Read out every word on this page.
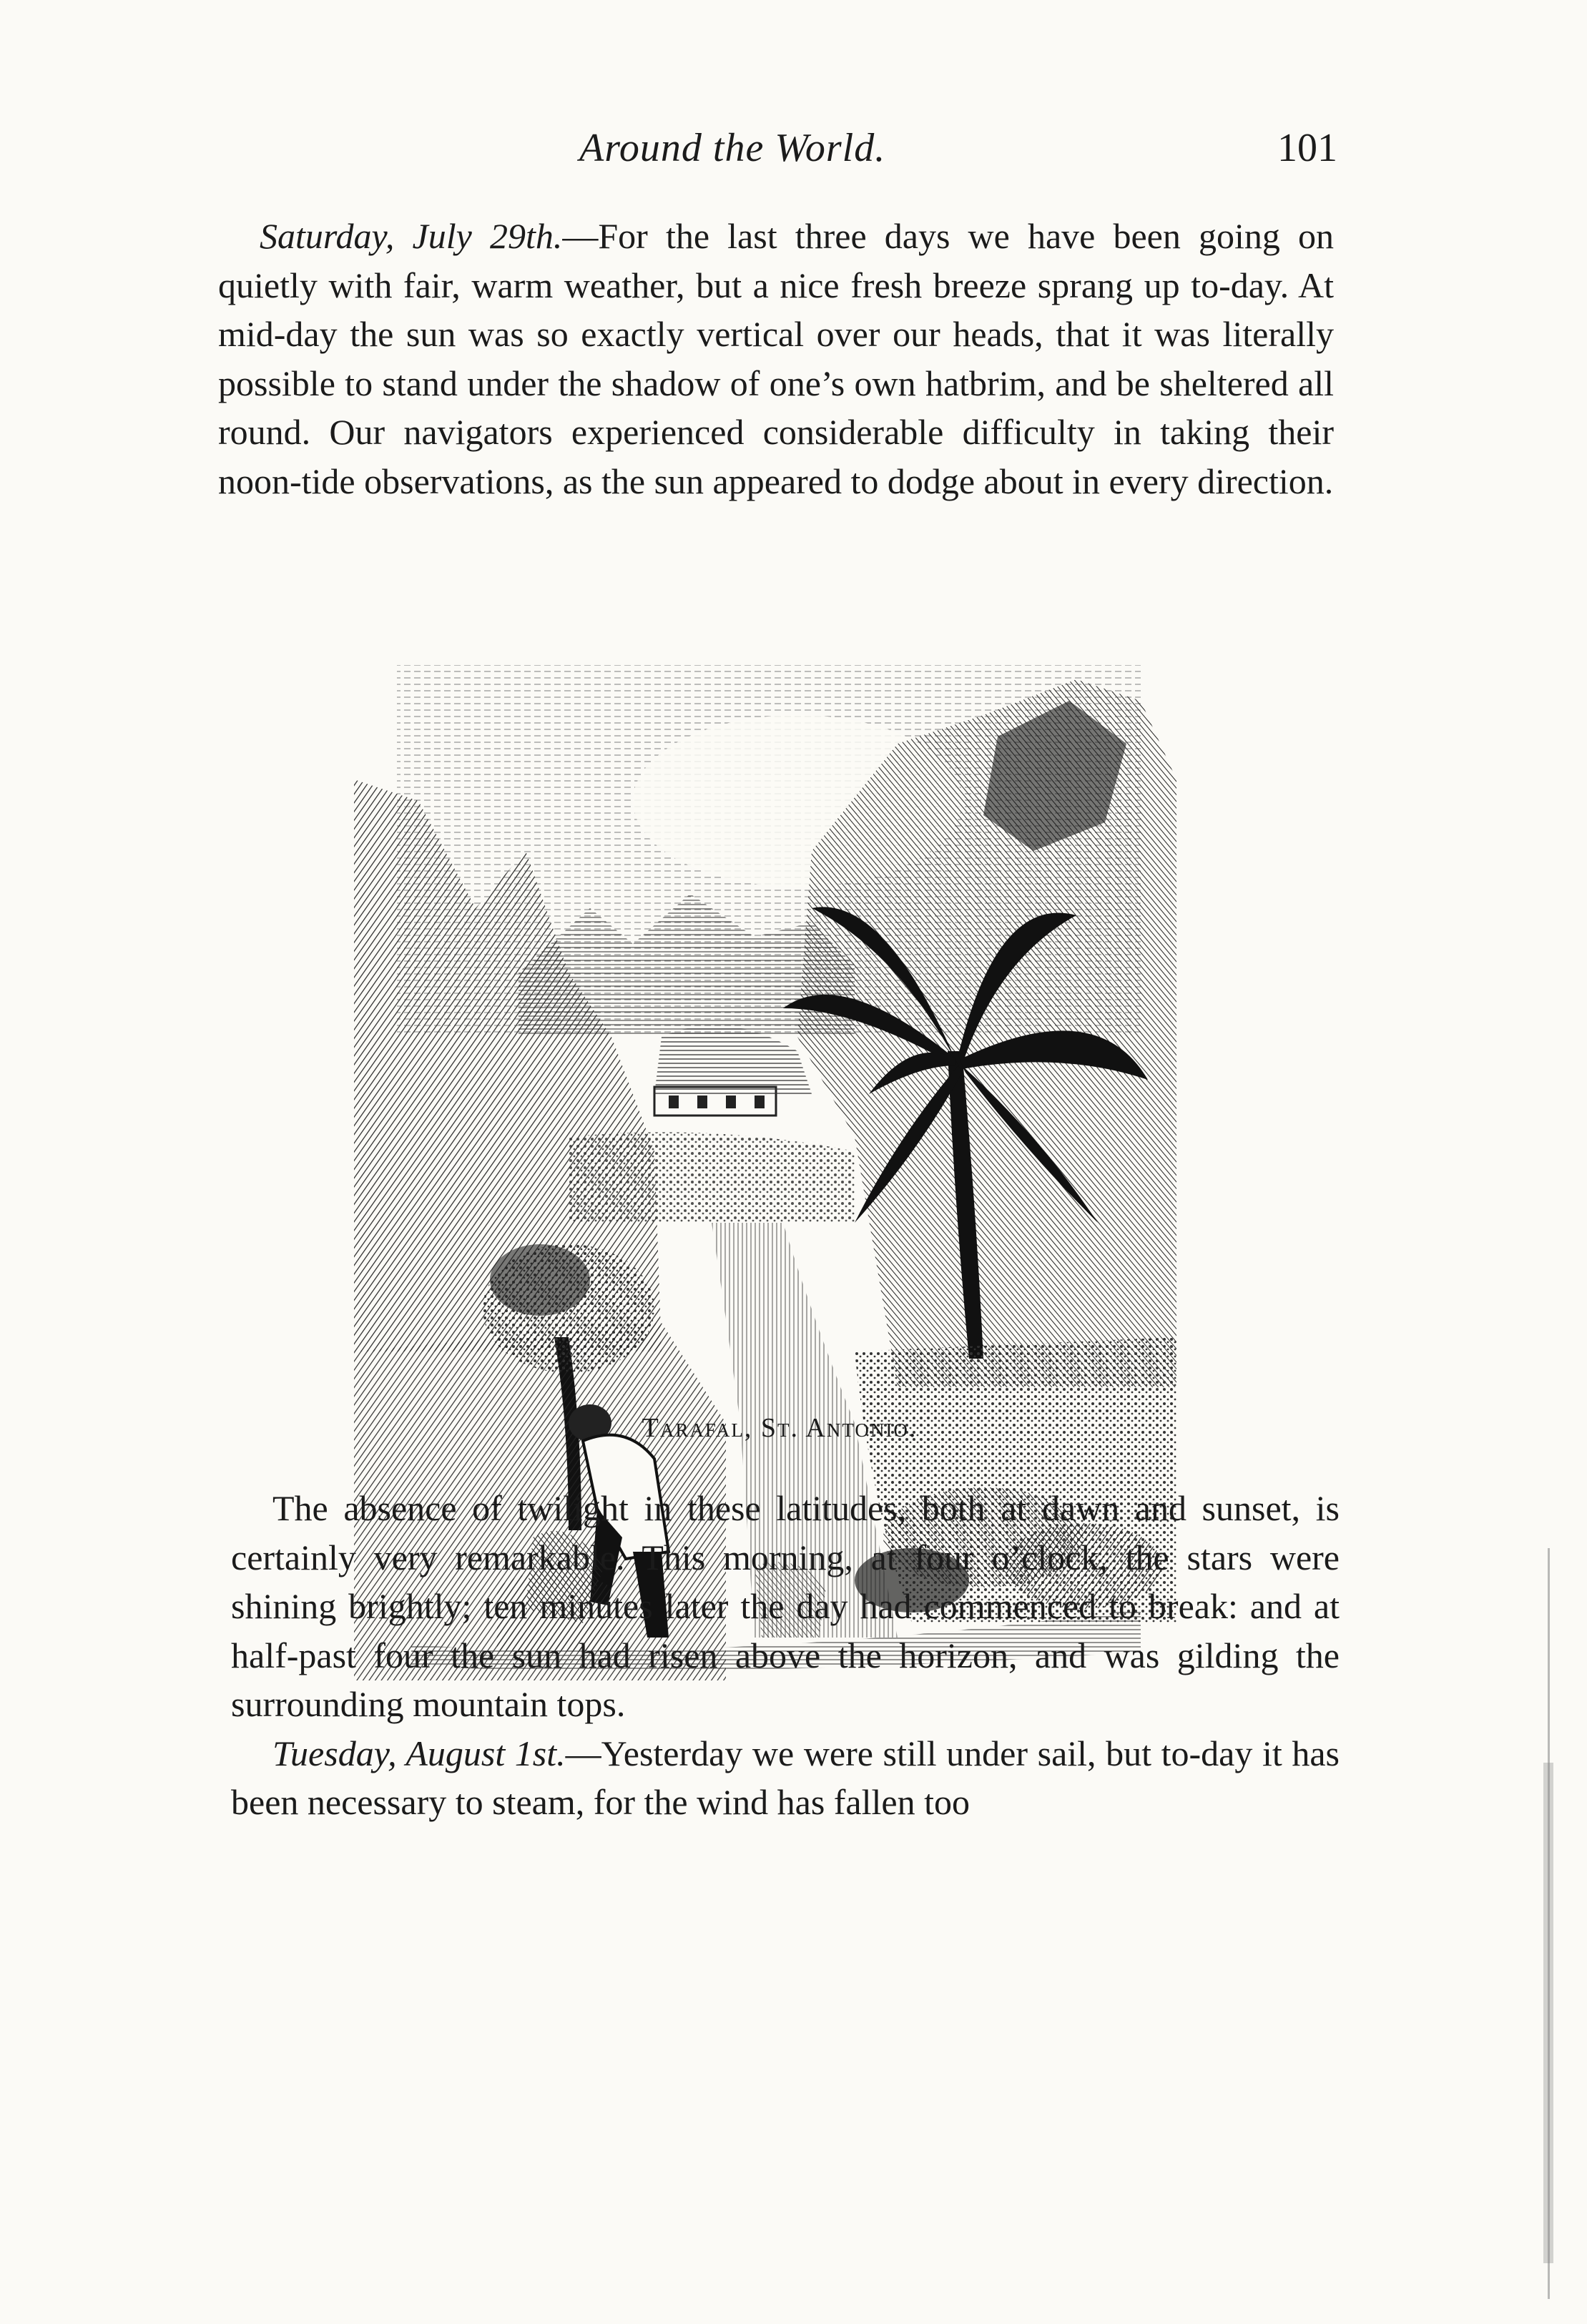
Around the World.	101

Saturday, July 29th.—For the last three days we have been going on quietly with fair, warm weather, but a nice fresh breeze sprang up to-day. At mid-day the sun was so exactly vertical over our heads, that it was literally possible to stand under the shadow of one’s own hatbrim, and be sheltered all round. Our navigators experienced considerable difficulty in taking their noon-tide observations, as the sun appeared to dodge about in every direction.

Tarafal, St. Antonio.

The absence of twilight in these latitudes, both at dawn and sunset, is certainly very remarkable. This morning, at four o’clock, the stars were shining brightly; ten minutes later the day had commenced to break: and at half-past four the sun had risen above the horizon, and was gilding the surrounding mountain tops.

Tuesday, August 1st.—Yesterday we were still under sail, but to-day it has been necessary to steam, for the wind has fallen too
